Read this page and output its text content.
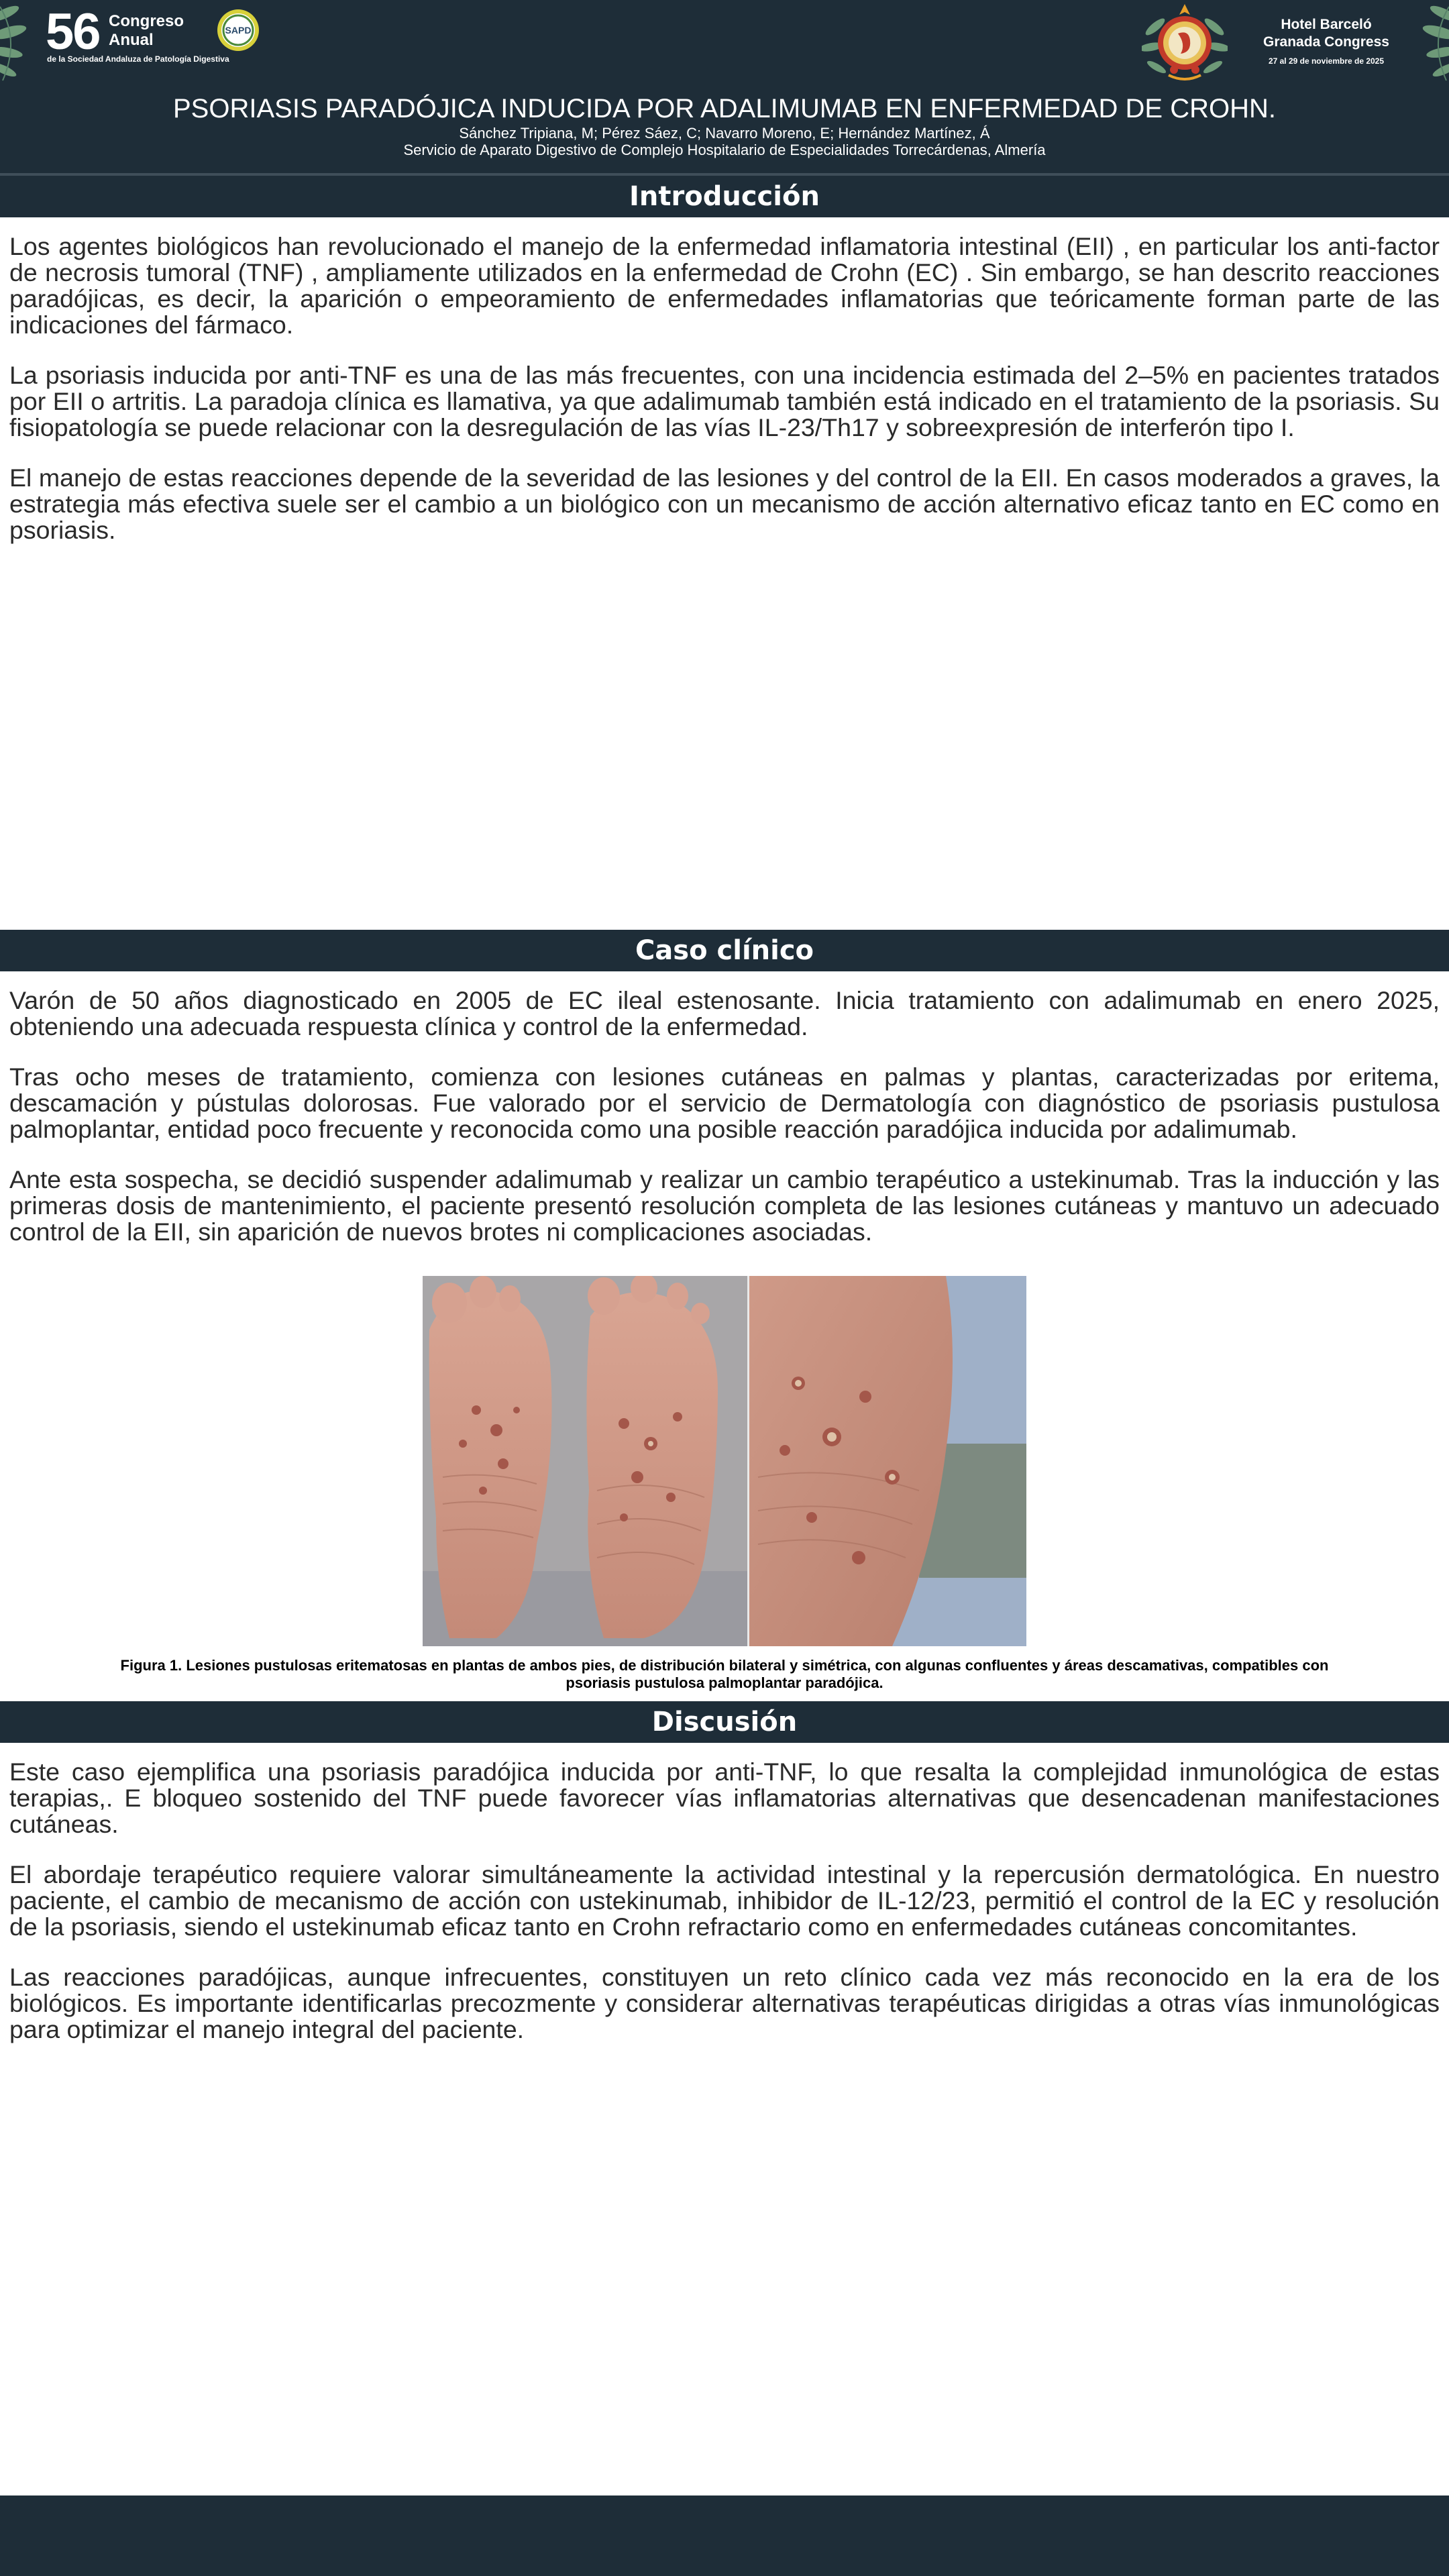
56 Congreso
Anual
de la Sociedad Andaluza de Patología Digestiva
SAPD	Hotel Barceló
Granada Congress
27 al 29 de noviembre de 2025
PSORIASIS PARADÓJICA INDUCIDA POR ADALIMUMAB EN ENFERMEDAD DE CROHN.
Sánchez Tripiana, M; Pérez Sáez, C; Navarro Moreno, E; Hernández Martínez, Á
Servicio de Aparato Digestivo de Complejo Hospitalario de Especialidades Torrecárdenas, Almería
Introducción

Los agentes biológicos han revolucionado el manejo de la enfermedad inflamatoria intestinal (EII) , en particular los anti-factor de necrosis tumoral (TNF) , ampliamente utilizados en la enfermedad de Crohn (EC) . Sin embargo, se han descrito reacciones paradójicas, es decir, la aparición o empeoramiento de enfermedades inflamatorias que teóricamente forman parte de las indicaciones del fármaco.

La psoriasis inducida por anti-TNF es una de las más frecuentes, con una incidencia estimada del 2–5% en pacientes tratados por EII o artritis. La paradoja clínica es llamativa, ya que adalimumab también está indicado en el tratamiento de la psoriasis. Su fisiopatología se puede relacionar con la desregulación de las vías IL-23/Th17 y sobreexpresión de interferón tipo I.

El manejo de estas reacciones depende de la severidad de las lesiones y del control de la EII. En casos moderados a graves, la estrategia más efectiva suele ser el cambio a un biológico con un mecanismo de acción alternativo eficaz tanto en EC como en psoriasis.

Caso clínico

Varón de 50 años diagnosticado en 2005 de EC ileal estenosante. Inicia tratamiento con adalimumab en enero 2025, obteniendo una adecuada respuesta clínica y control de la enfermedad.

Tras ocho meses de tratamiento, comienza con lesiones cutáneas en palmas y plantas, caracterizadas por eritema, descamación y pústulas dolorosas. Fue valorado por el servicio de Dermatología con diagnóstico de psoriasis pustulosa palmoplantar, entidad poco frecuente y reconocida como una posible reacción paradójica inducida por adalimumab.

Ante esta sospecha, se decidió suspender adalimumab y realizar un cambio terapéutico a ustekinumab. Tras la inducción y las primeras dosis de mantenimiento, el paciente presentó resolución completa de las lesiones cutáneas y mantuvo un adecuado control de la EII, sin aparición de nuevos brotes ni complicaciones asociadas.

Figura 1. Lesiones pustulosas eritematosas en plantas de ambos pies, de distribución bilateral y simétrica, con algunas confluentes y áreas descamativas, compatibles con
psoriasis pustulosa palmoplantar paradójica.
Discusión

Este caso ejemplifica una psoriasis paradójica inducida por anti-TNF, lo que resalta la complejidad inmunológica de estas terapias,. E bloqueo sostenido del TNF puede favorecer vías inflamatorias alternativas que desencadenan manifestaciones cutáneas.

El abordaje terapéutico requiere valorar simultáneamente la actividad intestinal y la repercusión dermatológica. En nuestro paciente, el cambio de mecanismo de acción con ustekinumab, inhibidor de IL-12/23, permitió el control de la EC y resolución de la psoriasis, siendo el ustekinumab eficaz tanto en Crohn refractario como en enfermedades cutáneas concomitantes.

Las reacciones paradójicas, aunque infrecuentes, constituyen un reto clínico cada vez más reconocido en la era de los biológicos. Es importante identificarlas precozmente y considerar alternativas terapéuticas dirigidas a otras vías inmunológicas para optimizar el manejo integral del paciente.
